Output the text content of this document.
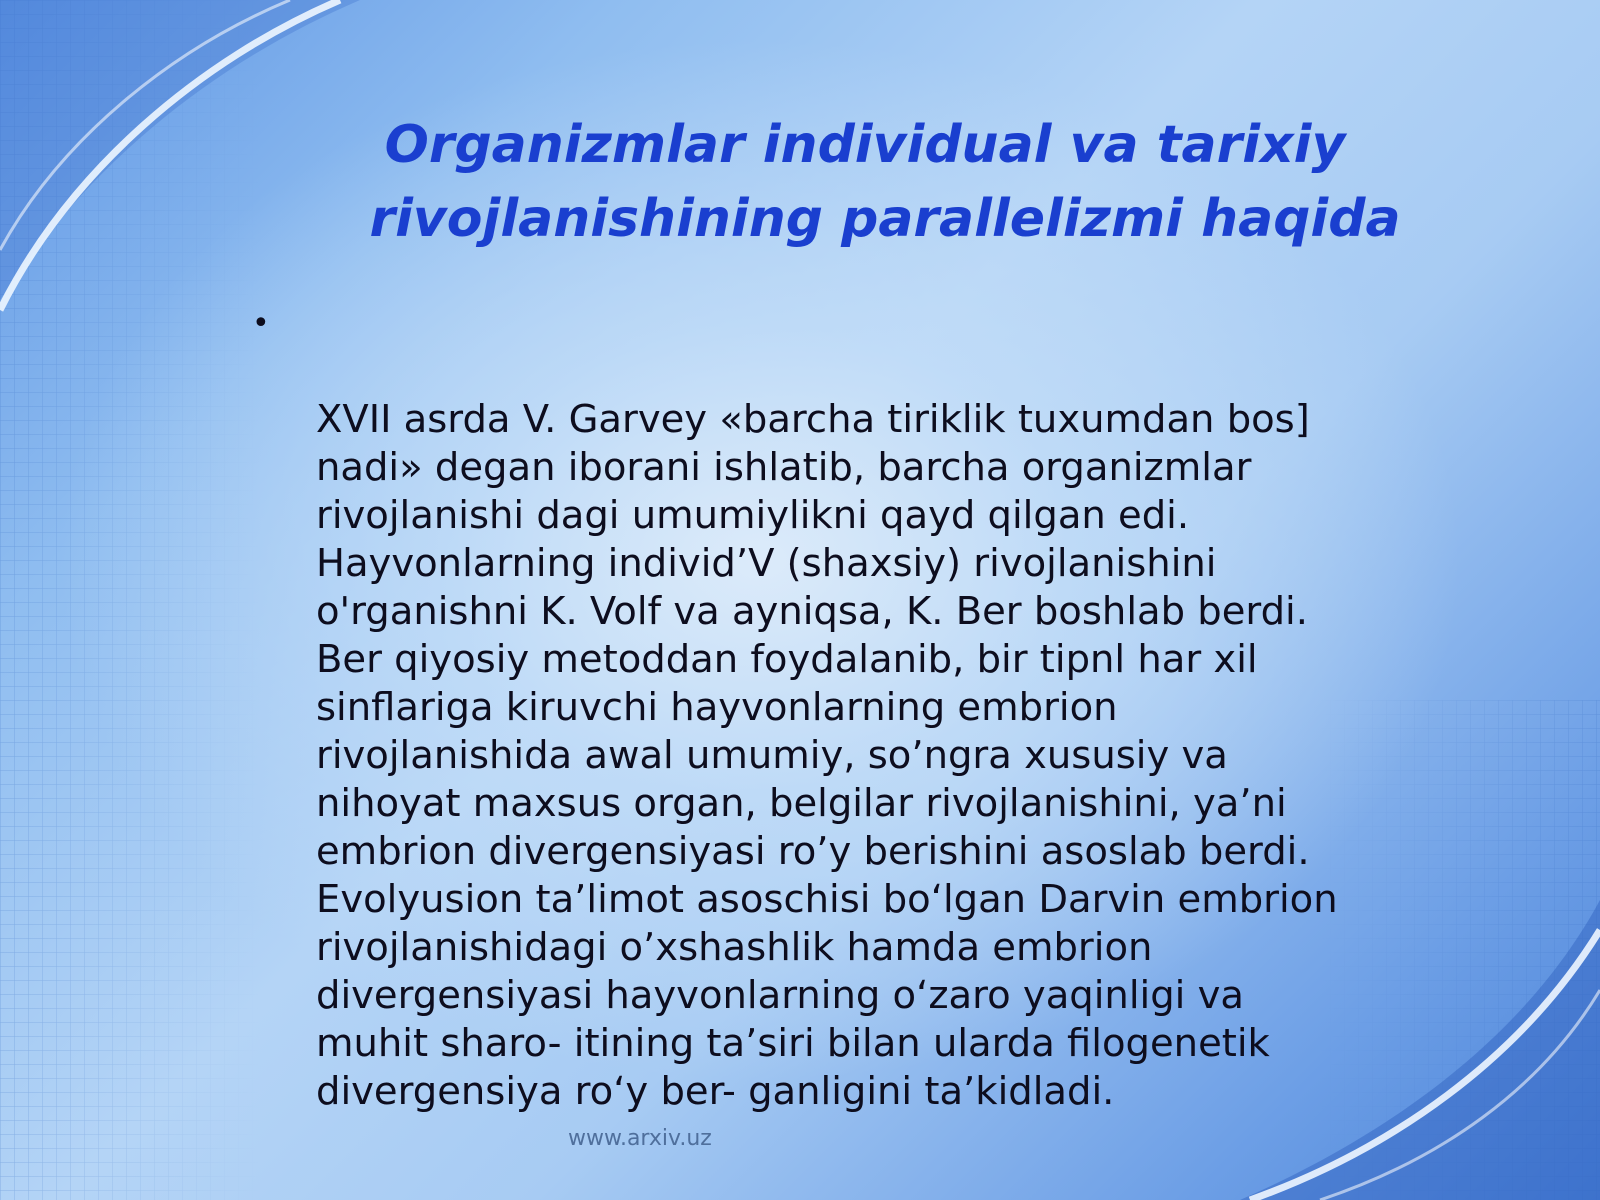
Organizmlar individual va tarixiy
rivojlanishining parallelizmi haqida

•

XVII asrda V. Garvey «barcha tiriklik tuxumdan bos]
nadi» degan iborani ishlatib, barcha organizmlar
rivojlanishi dagi umumiylikni qayd qilgan edi.
Hayvonlarning individ’V (shaxsiy) rivojlanishini
o'rganishni K. Volf va ayniqsa, K. Ber boshlab berdi.
Ber qiyosiy metoddan foydalanib, bir tipnl har xil
sinflariga kiruvchi hayvonlarning embrion
rivojlanishida awal umumiy, so’ngra xususiy va
nihoyat maxsus organ, belgilar rivojlanishini, ya’ni
embrion divergensiyasi ro’y berishini asoslab berdi.
Evolyusion ta’limot asoschisi bo‘lgan Darvin embrion
rivojlanishidagi o’xshashlik hamda embrion
divergensiyasi hayvonlarning o‘zaro yaqinligi va
muhit sharo- itining ta’siri bilan ularda filogenetik
divergensiya ro‘y ber- ganligini ta’kidladi.

www.arxiv.uz
